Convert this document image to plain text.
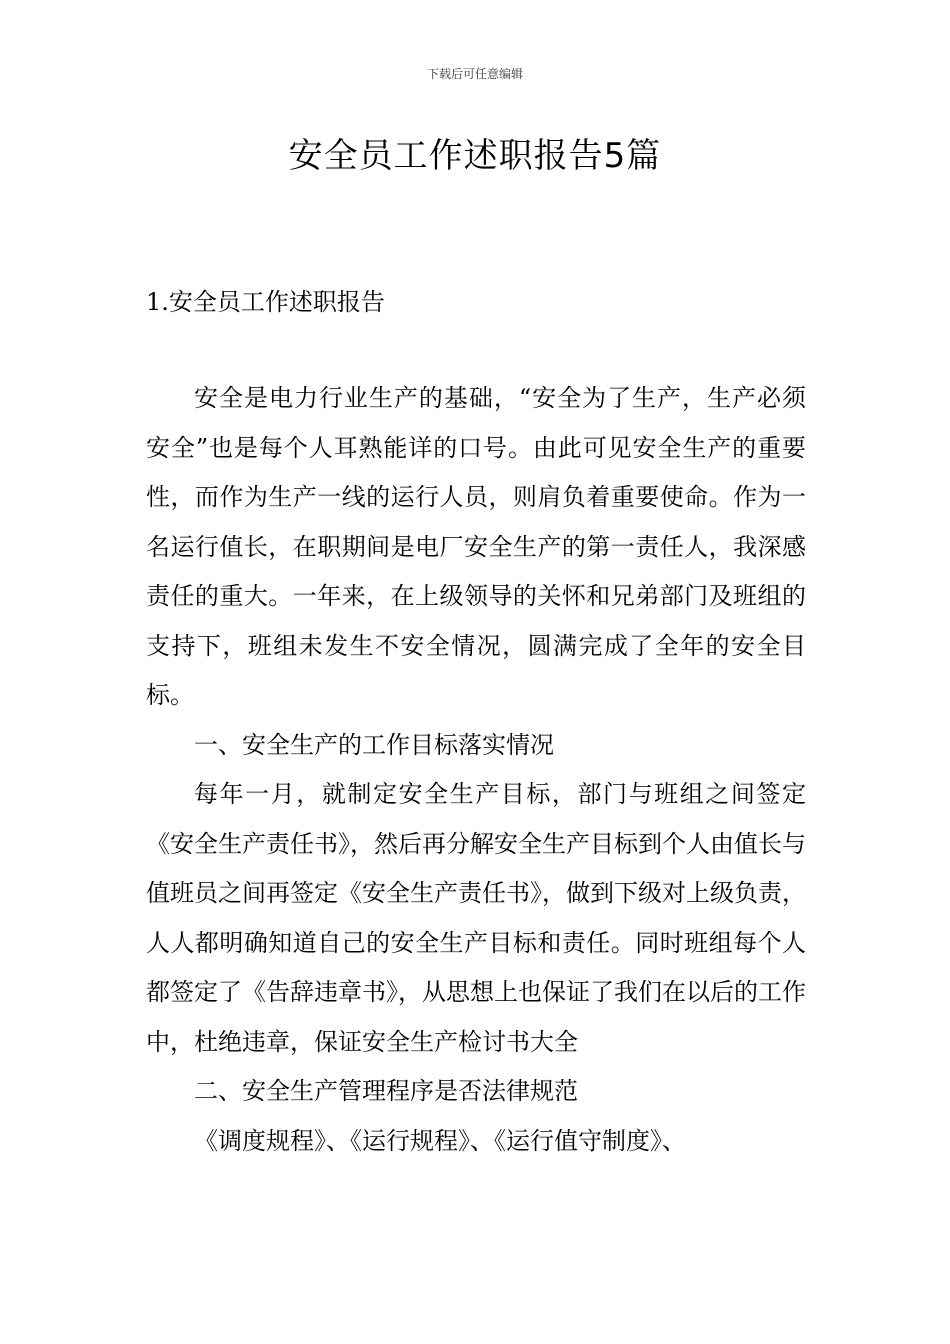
下载后可任意编辑
安全员工作述职报告5篇
1.安全员工作述职报告

安全是电力行业生产的基础，“安全为了生产，生产必须安全”也是每个人耳熟能详的口号。由此可见安全生产的重要性，而作为生产一线的运行人员，则肩负着重要使命。作为一名运行值长，在职期间是电厂安全生产的第一责任人，我深感责任的重大。一年来，在上级领导的关怀和兄弟部门及班组的支持下，班组未发生不安全情况，圆满完成了全年的安全目标。

一、安全生产的工作目标落实情况

每年一月，就制定安全生产目标，部门与班组之间签定《安全生产责任书》，然后再分解安全生产目标到个人由值长与值班员之间再签定《安全生产责任书》，做到下级对上级负责，人人都明确知道自己的安全生产目标和责任。同时班组每个人都签定了《告辞违章书》，从思想上也保证了我们在以后的工作中，杜绝违章，保证安全生产检讨书大全

二、安全生产管理程序是否法律规范

《调度规程》、《运行规程》、《运行值守制度》、
